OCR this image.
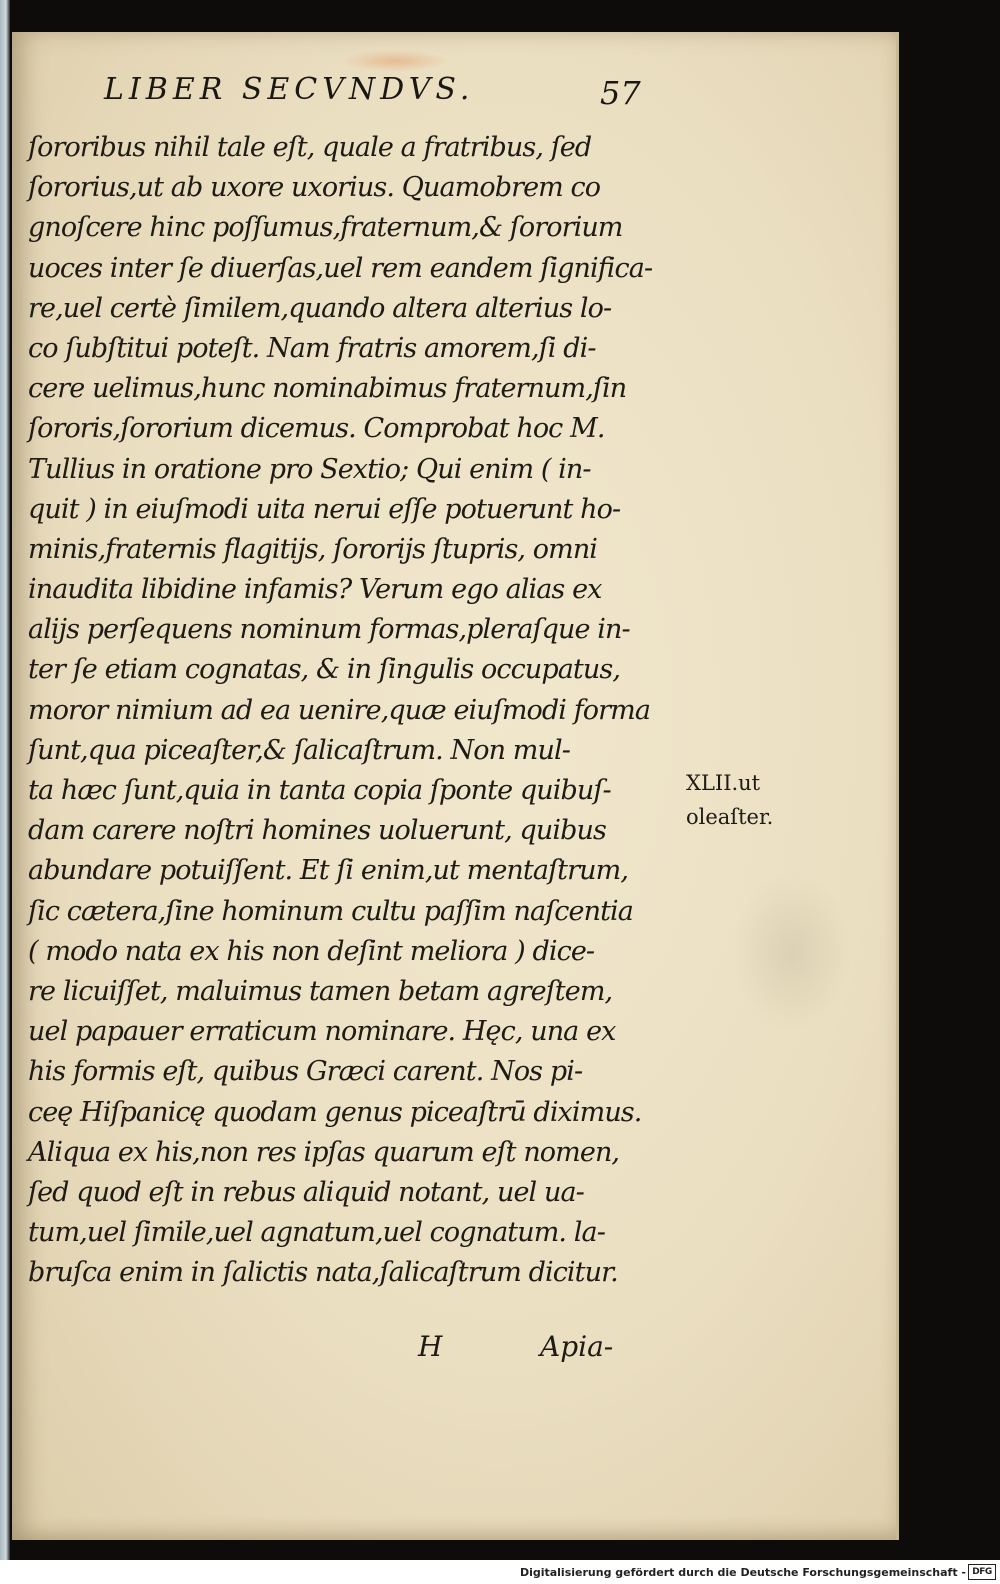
LIBER SECVNDVS.	57
ſororibus nihil tale eſt, quale a fratribus, ſed
ſororius,ut ab uxore uxorius. Quamobrem co
gnoſcere hinc poſſumus,fraternum,& ſororium
uoces inter ſe diuerſas,uel rem eandem ſignifica-
re,uel certè ſimilem,quando altera alterius lo-
co ſubſtitui poteſt. Nam fratris amorem,ſi di-
cere uelimus,hunc nominabimus fraternum,ſin
ſororis,ſororium dicemus. Comprobat hoc M.
Tullius in oratione pro Sextio; Qui enim ( in-
quit ) in eiuſmodi uita nerui eſſe potuerunt ho-
minis,fraternis flagitijs, ſororijs ſtupris, omni
inaudita libidine infamis? Verum ego alias ex
alijs perſequens nominum formas,pleraſque in-
ter ſe etiam cognatas, & in ſingulis occupatus,
moror nimium ad ea uenire,quæ eiuſmodi forma
ſunt,qua piceaſter,& ſalicaſtrum. Non mul-
ta hæc ſunt,quia in tanta copia ſponte quibuſ-
dam carere noſtri homines uoluerunt, quibus
abundare potuiſſent. Et ſi enim,ut mentaſtrum,
ſic cætera,ſine hominum cultu paſſim naſcentia
( modo nata ex his non deſint meliora ) dice-
re licuiſſet, maluimus tamen betam agreſtem,
uel papauer erraticum nominare. Hęc, una ex
his formis eſt, quibus Græci carent. Nos pi-
ceę Hiſpanicę quodam genus piceaſtrū diximus.
Aliqua ex his,non res ipſas quarum eſt nomen,
ſed quod eſt in rebus aliquid notant, uel ua-
tum,uel ſimile,uel agnatum,uel cognatum. la-
bruſca enim in ſalictis nata,ſalicaſtrum dicitur.
XLII.ut
oleaſter.
H	Apia-
Digitalisierung gefördert durch die Deutsche Forschungsgemeinschaft - DFG
